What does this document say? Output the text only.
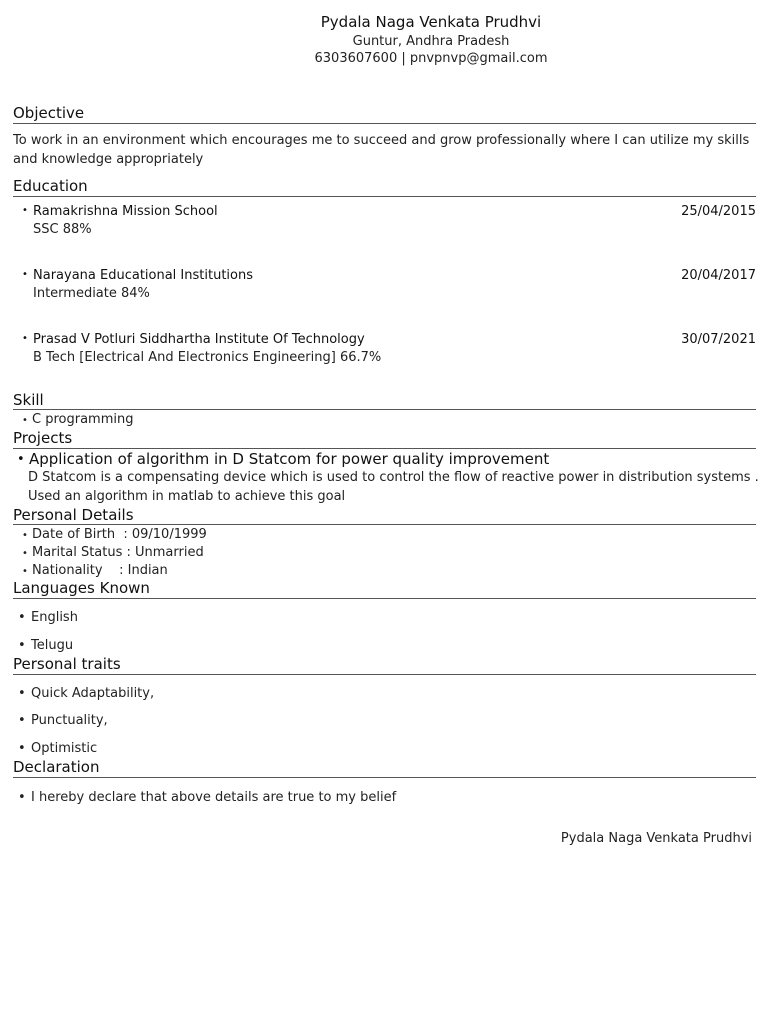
Pydala Naga Venkata Prudhvi
Guntur, Andhra Pradesh
6303607600 | pnvpnvp@gmail.com
Objective
To work in an environment which encourages me to succeed and grow professionally where I can utilize my skills
and knowledge appropriately
Education
• Ramakrishna Mission School	25/04/2015
SSC 88%
• Narayana Educational Institutions	20/04/2017
Intermediate 84%
• Prasad V Potluri Siddhartha Institute Of Technology	30/07/2021
B Tech [Electrical And Electronics Engineering] 66.7%
Skill
• C programming
Projects
• Application of algorithm in D Statcom for power quality improvement
D Statcom is a compensating device which is used to control the flow of reactive power in distribution systems .
Used an algorithm in matlab to achieve this goal
Personal Details
• Date of Birth  : 09/10/1999
• Marital Status : Unmarried
• Nationality    : Indian
Languages Known
• English
• Telugu
Personal traits
• Quick Adaptability,
• Punctuality,
• Optimistic
Declaration
• I hereby declare that above details are true to my belief
Pydala Naga Venkata Prudhvi
